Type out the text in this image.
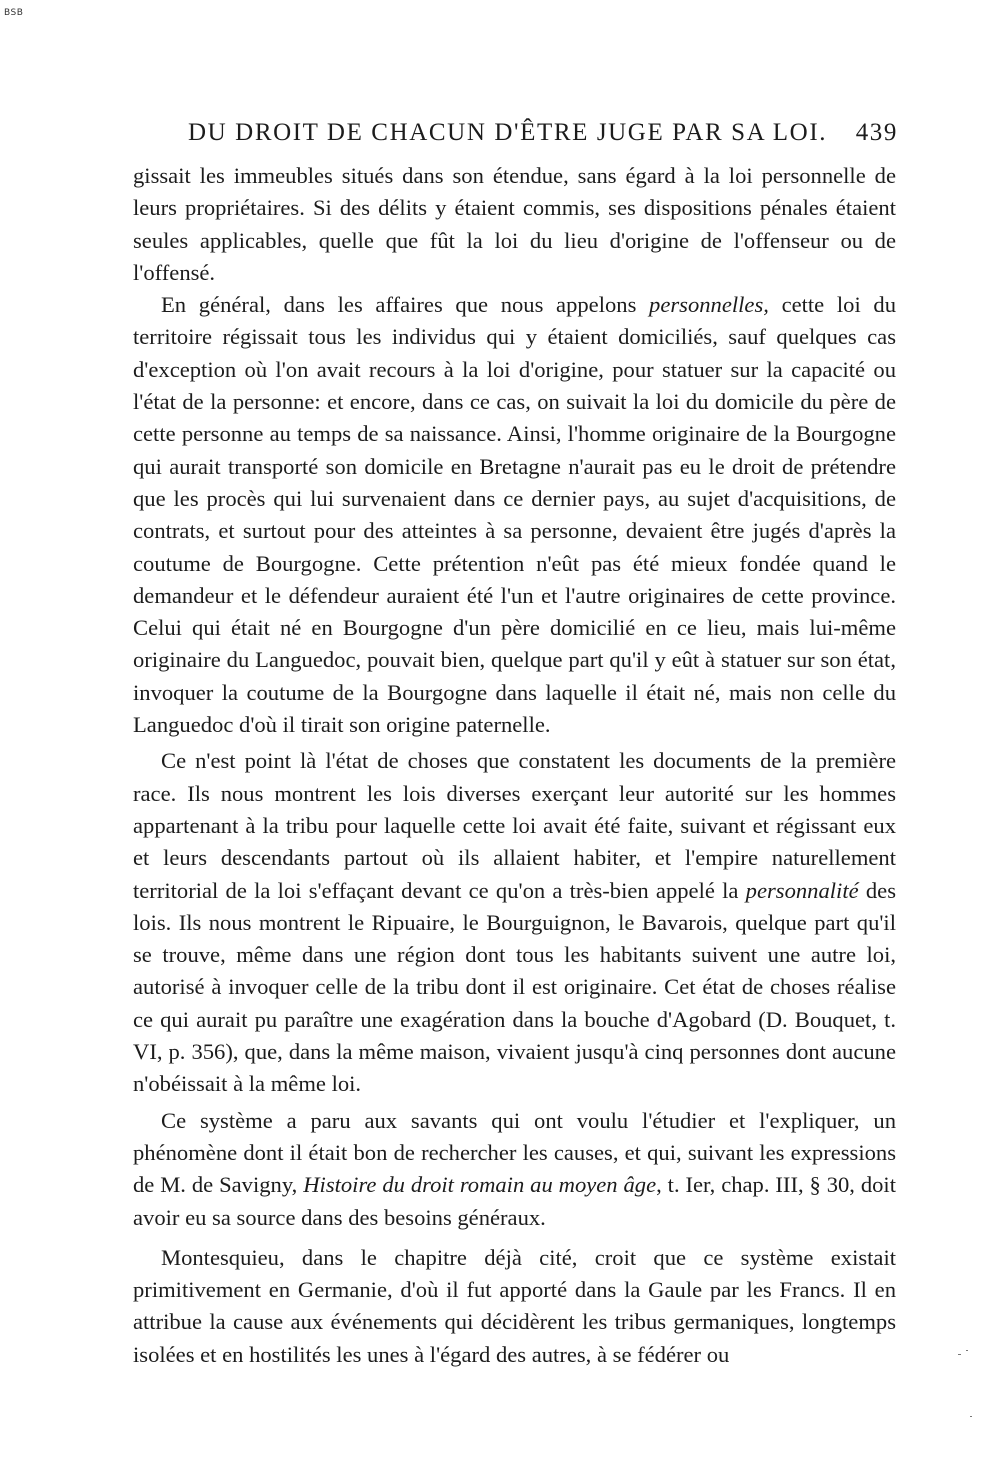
BSB
DU DROIT DE CHACUN D'ÊTRE JUGE PAR SA LOI. 439

gissait les immeubles situés dans son étendue, sans égard à la loi personnelle de leurs propriétaires. Si des délits y étaient commis, ses dispositions pénales étaient seules applicables, quelle que fût la loi du lieu d'origine de l'offenseur ou de l'offensé.

En général, dans les affaires que nous appelons personnelles, cette loi du territoire régissait tous les individus qui y étaient domiciliés, sauf quelques cas d'exception où l'on avait recours à la loi d'origine, pour statuer sur la capacité ou l'état de la personne: et encore, dans ce cas, on suivait la loi du domicile du père de cette personne au temps de sa naissance. Ainsi, l'homme originaire de la Bourgogne qui aurait transporté son domicile en Bretagne n'aurait pas eu le droit de prétendre que les procès qui lui survenaient dans ce dernier pays, au sujet d'acquisitions, de contrats, et surtout pour des atteintes à sa personne, devaient être jugés d'après la coutume de Bourgogne. Cette prétention n'eût pas été mieux fondée quand le demandeur et le défendeur auraient été l'un et l'autre originaires de cette province. Celui qui était né en Bourgogne d'un père domicilié en ce lieu, mais lui-même originaire du Languedoc, pouvait bien, quelque part qu'il y eût à statuer sur son état, invoquer la coutume de la Bourgogne dans laquelle il était né, mais non celle du Languedoc d'où il tirait son origine paternelle.

Ce n'est point là l'état de choses que constatent les documents de la première race. Ils nous montrent les lois diverses exerçant leur autorité sur les hommes appartenant à la tribu pour laquelle cette loi avait été faite, suivant et régissant eux et leurs descendants partout où ils allaient habiter, et l'empire naturellement territorial de la loi s'effaçant devant ce qu'on a très-bien appelé la personnalité des lois. Ils nous montrent le Ripuaire, le Bourguignon, le Bavarois, quelque part qu'il se trouve, même dans une région dont tous les habitants suivent une autre loi, autorisé à invoquer celle de la tribu dont il est originaire. Cet état de choses réalise ce qui aurait pu paraître une exagération dans la bouche d'Agobard (D. Bouquet, t. VI, p. 356), que, dans la même maison, vivaient jusqu'à cinq personnes dont aucune n'obéissait à la même loi.

Ce système a paru aux savants qui ont voulu l'étudier et l'expliquer, un phénomène dont il était bon de rechercher les causes, et qui, suivant les expressions de M. de Savigny, Histoire du droit romain au moyen âge, t. Ier, chap. III, § 30, doit avoir eu sa source dans des besoins généraux.

Montesquieu, dans le chapitre déjà cité, croit que ce système existait primitivement en Germanie, d'où il fut apporté dans la Gaule par les Francs. Il en attribue la cause aux événements qui décidèrent les tribus germaniques, longtemps isolées et en hostilités les unes à l'égard des autres, à se fédérer ou
